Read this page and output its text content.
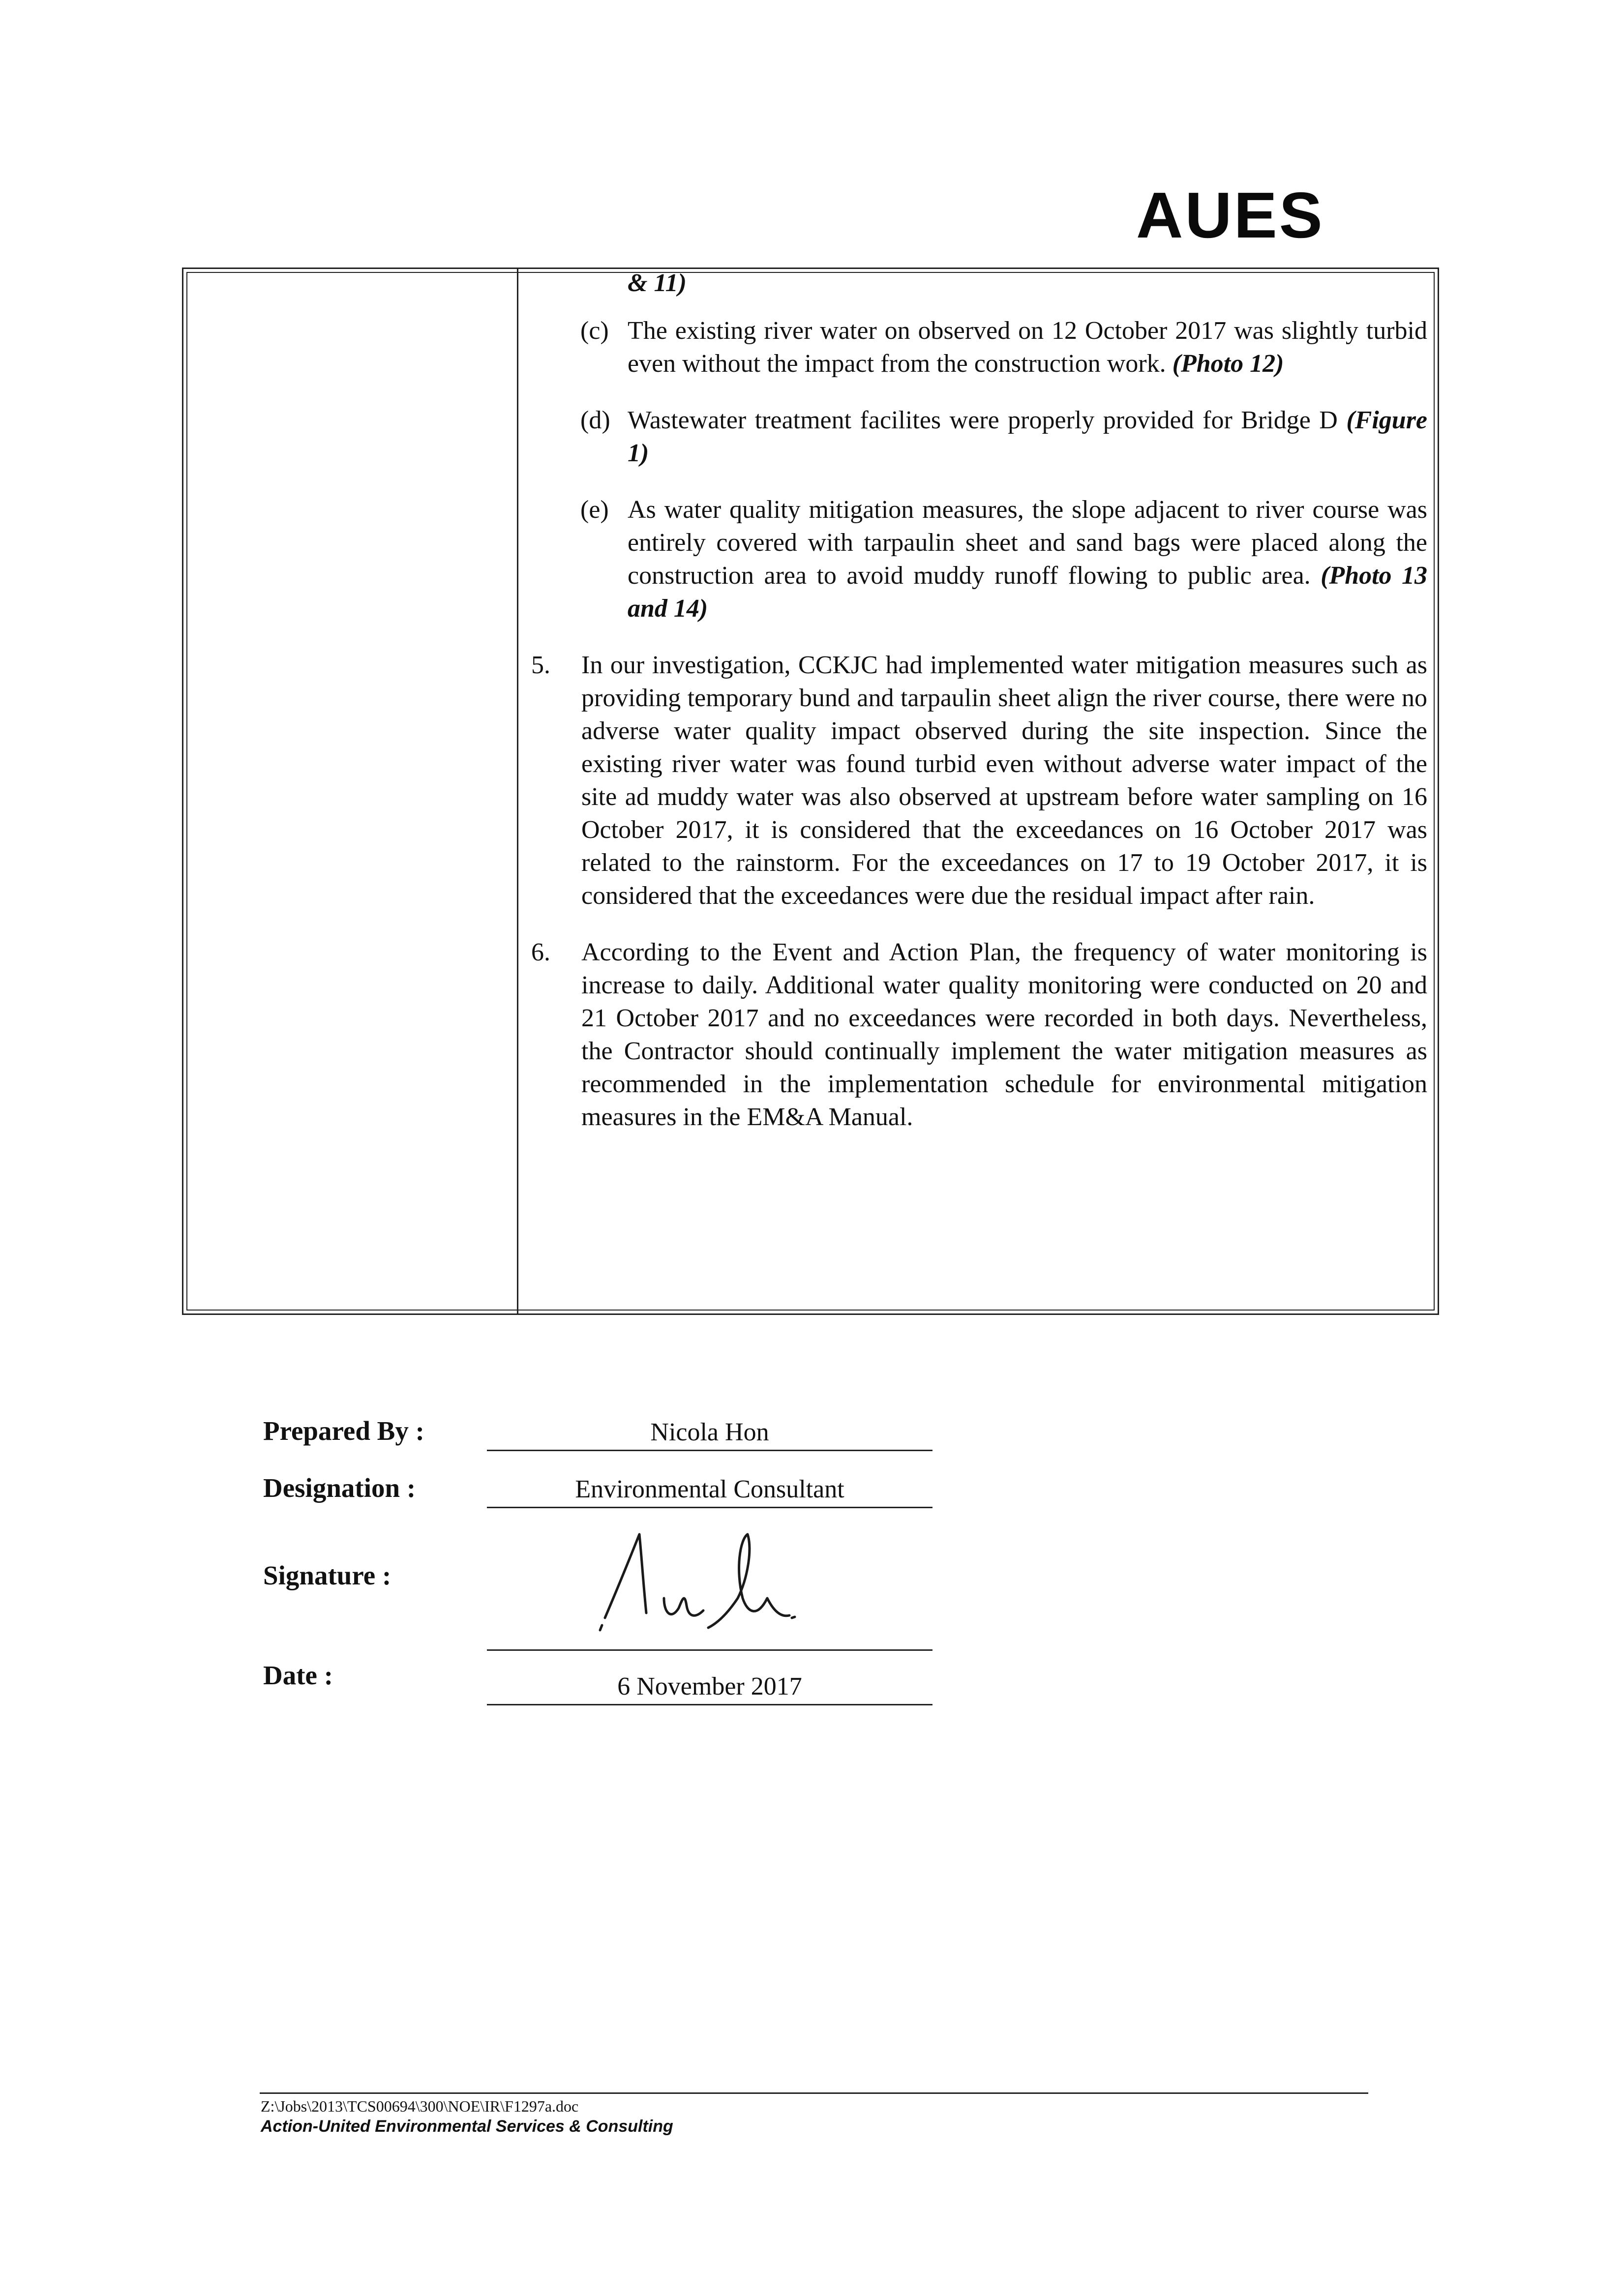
AUES

& 11)

(c) The existing river water on observed on 12 October 2017 was slightly turbid even without the impact from the construction work. (Photo 12)

(d) Wastewater treatment facilites were properly provided for Bridge D (Figure 1)

(e) As water quality mitigation measures, the slope adjacent to river course was entirely covered with tarpaulin sheet and sand bags were placed along the construction area to avoid muddy runoff flowing to public area. (Photo 13 and 14)

5. In our investigation, CCKJC had implemented water mitigation measures such as providing temporary bund and tarpaulin sheet align the river course, there were no adverse water quality impact observed during the site inspection. Since the existing river water was found turbid even without adverse water impact of the site ad muddy water was also observed at upstream before water sampling on 16 October 2017, it is considered that the exceedances on 16 October 2017 was related to the rainstorm. For the exceedances on 17 to 19 October 2017, it is considered that the exceedances were due the residual impact after rain.

6. According to the Event and Action Plan, the frequency of water monitoring is increase to daily. Additional water quality monitoring were conducted on 20 and 21 October 2017 and no exceedances were recorded in both days. Nevertheless, the Contractor should continually implement the water mitigation measures as recommended in the implementation schedule for environmental mitigation measures in the EM&A Manual.

Prepared By :	Nicola Hon
Designation :	Environmental Consultant
Signature :
Date :	6 November 2017
Z:\Jobs\2013\TCS00694\300\NOE\IR\F1297a.doc
Action-United Environmental Services & Consulting
